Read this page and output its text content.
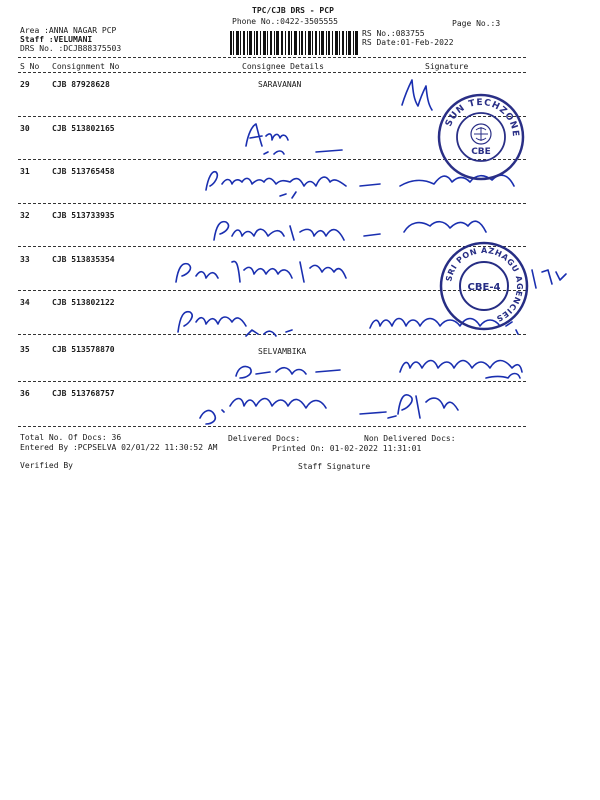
TPC/CJB DRS - PCP
Phone No.:0422-3505555	Page No.:3
Area :ANNA NAGAR PCP
Staff :VELUMANI
DRS No. :DCJB88375503
RS No.:083755
RS Date:01-Feb-2022
S No Consignment No	Consignee Details	Signature
29	CJB 87928628	SARAVANAN
30	CJB 513802165
31	CJB 513765458
32	CJB 513733935
33	CJB 513835354
34	CJB 513802122
35	CJB 513578870	SELVAMBIKA
36	CJB 513768757
Total No. Of Docs: 36	Delivered Docs:	Non Delivered Docs:
Entered By :PCPSELVA 02/01/22 11:30:52 AM	Printed On: 01-02-2022 11:31:01
Verified By	Staff Signature
SUN TECHZONE
CBE
SRI PON AZHAGU AGENCIES
CBE-4
